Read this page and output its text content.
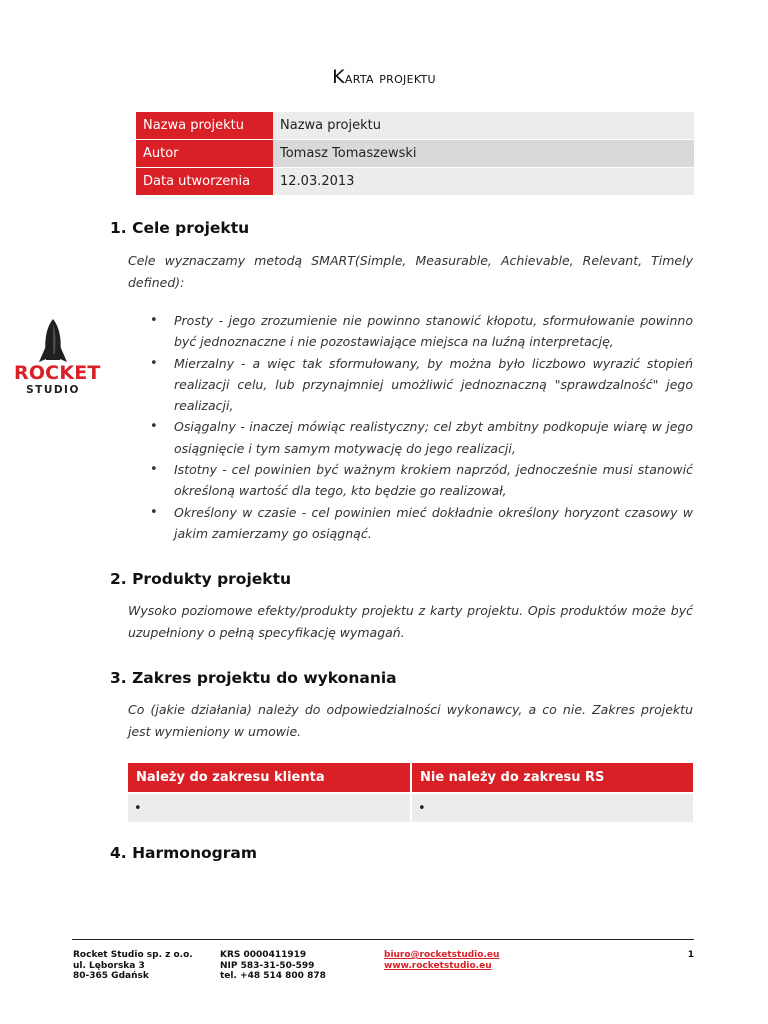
Karta projektu
Nazwa projektu	Nazwa projektu
Autor	Tomasz Tomaszewski
Data utworzenia	12.03.2013
1. Cele projektu

Cele wyznaczamy metodą SMART(Simple, Measurable, Achievable, Relevant, Timely defined):

ROCKET
STUDIO
• Prosty - jego zrozumienie nie powinno stanowić kłopotu, sformułowanie powinno być jednoznaczne i nie pozostawiające miejsca na luźną interpretację,
• Mierzalny - a więc tak sformułowany, by można było liczbowo wyrazić stopień realizacji celu, lub przynajmniej umożliwić jednoznaczną "sprawdzalność" jego realizacji,
• Osiągalny - inaczej mówiąc realistyczny; cel zbyt ambitny podkopuje wiarę w jego osiągnięcie i tym samym motywację do jego realizacji,
• Istotny - cel powinien być ważnym krokiem naprzód, jednocześnie musi stanowić określoną wartość dla tego, kto będzie go realizował,
• Określony w czasie - cel powinien mieć dokładnie określony horyzont czasowy w jakim zamierzamy go osiągnąć.
2. Produkty projektu

Wysoko poziomowe efekty/produkty projektu z karty projektu. Opis produktów może być uzupełniony o pełną specyfikację wymagań.

3. Zakres projektu do wykonania

Co (jakie działania) należy do odpowiedzialności wykonawcy, a co nie. Zakres projektu jest wymieniony w umowie.

Należy do zakresu klienta	Nie należy do zakresu RS
•	•
4. Harmonogram
Rocket Studio sp. z o.o.
ul. Lęborska 3
80-365 Gdańsk
KRS 0000411919
NIP 583-31-50-599
tel. +48 514 800 878
biuro@rocketstudio.eu
www.rocketstudio.eu
1
